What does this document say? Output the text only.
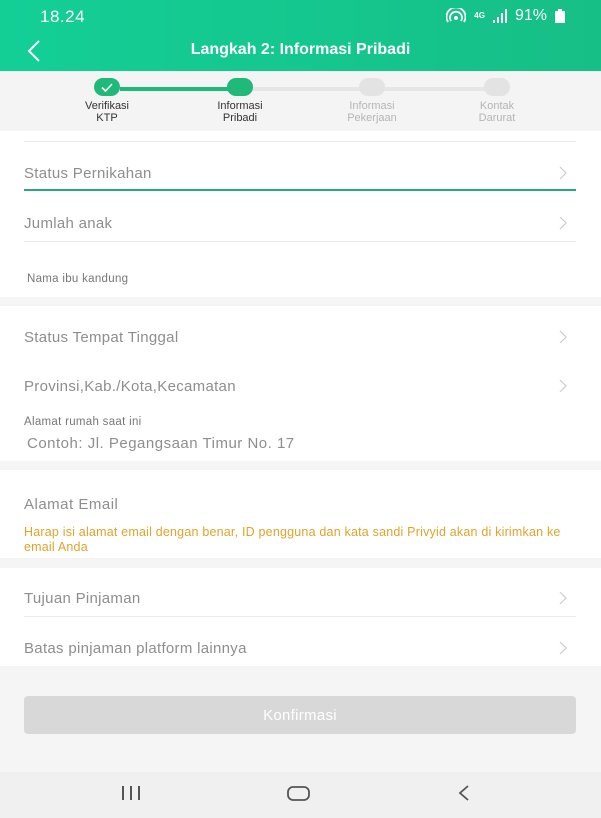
18.24	4G 91%
Langkah 2: Informasi Pribadi
Verifikasi
KTP
Informasi
Pribadi
Informasi
Pekerjaan
Kontak
Darurat
Status Pernikahan
Jumlah anak
Nama ibu kandung
Status Tempat Tinggal
Provinsi,Kab./Kota,Kecamatan
Alamat rumah saat ini
Contoh: Jl. Pegangsaan Timur No. 17
Alamat Email
Harap isi alamat email dengan benar, ID pengguna dan kata sandi Privyid akan di kirimkan ke email Anda
Tujuan Pinjaman
Batas pinjaman platform lainnya
Konfirmasi
